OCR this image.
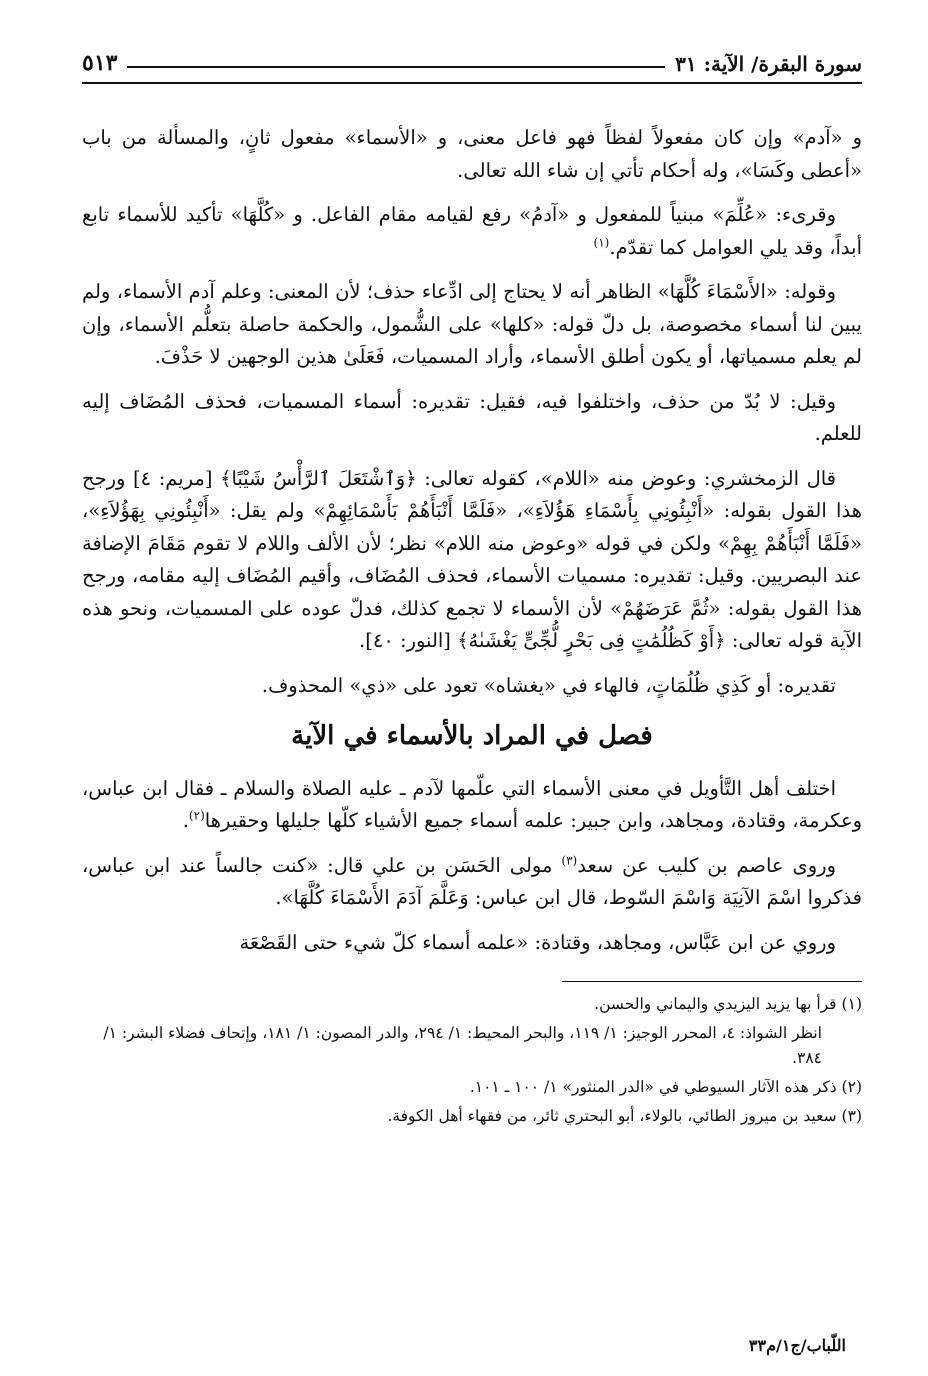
سورة البقرة/ الآية: ٣١
٥١٣

و «آدم» وإن كان مفعولاً لفظاً فهو فاعل معنى، و «الأسماء» مفعول ثانٍ، والمسألة من باب «أعطى وكَسَا»، وله أحكام تأتي إن شاء الله تعالى.

وقرىء: «عُلِّمَ» مبنياً للمفعول و «آدمُ» رفع لقيامه مقام الفاعل. و «كُلَّهَا» تأكيد للأسماء تابع أبداً، وقد يلي العوامل كما تقدّم.$^{(١)}$

وقوله: «الأَسْمَاءَ كُلَّهَا» الظاهر أنه لا يحتاج إلى ادِّعاء حذف؛ لأن المعنى: وعلم آدم الأسماء، ولم يبين لنا أسماء مخصوصة، بل دلّ قوله: «كلها» على الشُّمول، والحكمة حاصلة بتعلُّم الأسماء، وإن لم يعلم مسمياتها، أو يكون أطلق الأسماء، وأراد المسميات، فَعَلَىٰ هذين الوجهين لا حَذْفَ.

وقيل: لا بُدّ من حذف، واختلفوا فيه، فقيل: تقديره: أسماء المسميات، فحذف المُضَاف إليه للعلم.

قال الزمخشري: وعوض منه «اللام»، كقوله تعالى: ﴿وَٱشْتَعَلَ ٱلرَّأْسُ شَيْبًا﴾ [مريم: ٤] ورجح هذا القول بقوله: «أَنْبِئُونِي بِأَسْمَاءِ هَؤُلاَءِ»، «فَلَمَّا أَنْبَأَهُمْ بَأَسْمَائِهِمْ» ولم يقل: «أَنْبِئُونِي بِهَؤُلاَءِ»، «فَلَمَّا أَنْبَأَهُمْ بِهِمْ» ولكن في قوله «وعوض منه اللام» نظر؛ لأن الألف واللام لا تقوم مَقَامَ الإضافة عند البصريين. وقيل: تقديره: مسميات الأسماء، فحذف المُضَاف، وأقيم المُضَاف إليه مقامه، ورجح هذا القول بقوله: «ثُمَّ عَرَضَهُمْ» لأن الأسماء لا تجمع كذلك، فدلّ عوده على المسميات، ونحو هذه الآية قوله تعالى: ﴿أَوْ كَظُلُمَٰتٍ فِى بَحْرٍ لُّجِّىٍّ يَغْشَىٰهُ﴾ [النور: ٤٠].

تقديره: أو كَذِي ظُلُمَاتٍ، فالهاء في «يغشاه» تعود على «ذي» المحذوف.

فصل في المراد بالأسماء في الآية

اختلف أهل التَّأويل في معنى الأسماء التي علّمها لآدم ـ عليه الصلاة والسلام ـ فقال ابن عباس، وعكرمة، وقتادة، ومجاهد، وابن جبير: علمه أسماء جميع الأشياء كلّها جليلها وحقيرها$^{(٢)}$.

وروى عاصم بن كليب عن سعد$^{(٣)}$ مولى الحَسَن بن علي قال: «كنت جالساً عند ابن عباس، فذكروا اسْمَ الآنِيَة وَاسْمَ السّوط، قال ابن عباس: وَعَلَّمَ آدَمَ الأَسْمَاءَ كُلَّهَا».

وروي عن ابن عَبَّاس، ومجاهد، وقتادة: «علمه أسماء كلّ شيء حتى القَصْعَة

(١) قرأ بها يزيد اليزيدي واليماني والحسن.

انظر الشواذ: ٤، المحرر الوجيز: ١/ ١١٩، والبحر المحيط: ١/ ٢٩٤، والدر المصون: ١/ ١٨١، وإتحاف فضلاء البشر: ١/ ٣٨٤.

(٢) ذكر هذه الآثار السيوطي في «الدر المنثور» ١/ ١٠٠ ـ ١٠١.

(٣) سعيد بن ميروز الطائي، بالولاء، أبو البحتري ثائر، من فقهاء أهل الكوفة.

اللّباب/ج١/م٣٣
